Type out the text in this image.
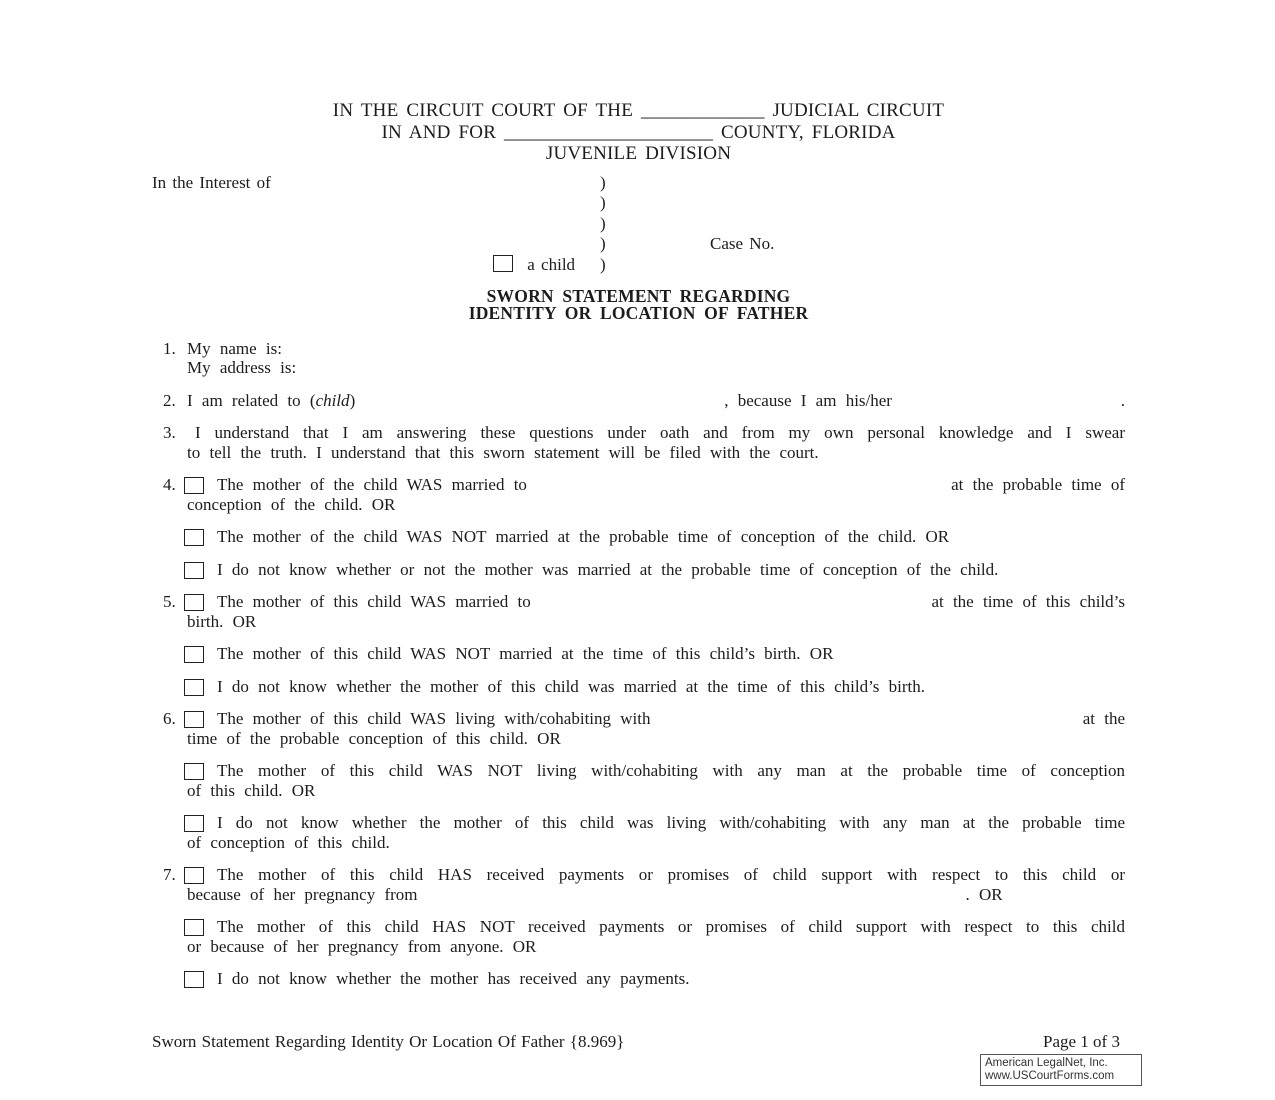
IN THE CIRCUIT COURT OF THE _____________ JUDICIAL CIRCUIT
IN AND FOR ______________________ COUNTY, FLORIDA
JUVENILE DIVISION
In the Interest of	)
)
)
)
)
Case No.
a child
SWORN STATEMENT REGARDING
IDENTITY OR LOCATION OF FATHER
1. My name is:
My address is:
2. I am related to (child)	, because I am his/her	.
3.	I understand that I am answering these questions under oath and from my own personal knowledge and I swear
to tell the truth. I understand that this sworn statement will be filed with the court.
4. The mother of the child WAS married to	at the probable time of
conception of the child. OR
The mother of the child WAS NOT married at the probable time of conception of the child. OR
I do not know whether or not the mother was married at the probable time of conception of the child.
5. The mother of this child WAS married to	at the time of this child’s
birth. OR
The mother of this child WAS NOT married at the time of this child’s birth. OR
I do not know whether the mother of this child was married at the time of this child’s birth.
6. The mother of this child WAS living with/cohabiting with	at the
time of the probable conception of this child. OR
The mother of this child WAS NOT living with/cohabiting with any man at the probable time of conception
of this child. OR
I do not know whether the mother of this child was living with/cohabiting with any man at the probable time
of conception of this child.
7.	The mother of this child HAS received payments or promises of child support with respect to this child or
because of her pregnancy from	. OR
The mother of this child HAS NOT received payments or promises of child support with respect to this child
or because of her pregnancy from anyone. OR
I do not know whether the mother has received any payments.
Sworn Statement Regarding Identity Or Location Of Father {8.969}	Page 1 of 3
American LegalNet, Inc.
www.USCourtForms.com
